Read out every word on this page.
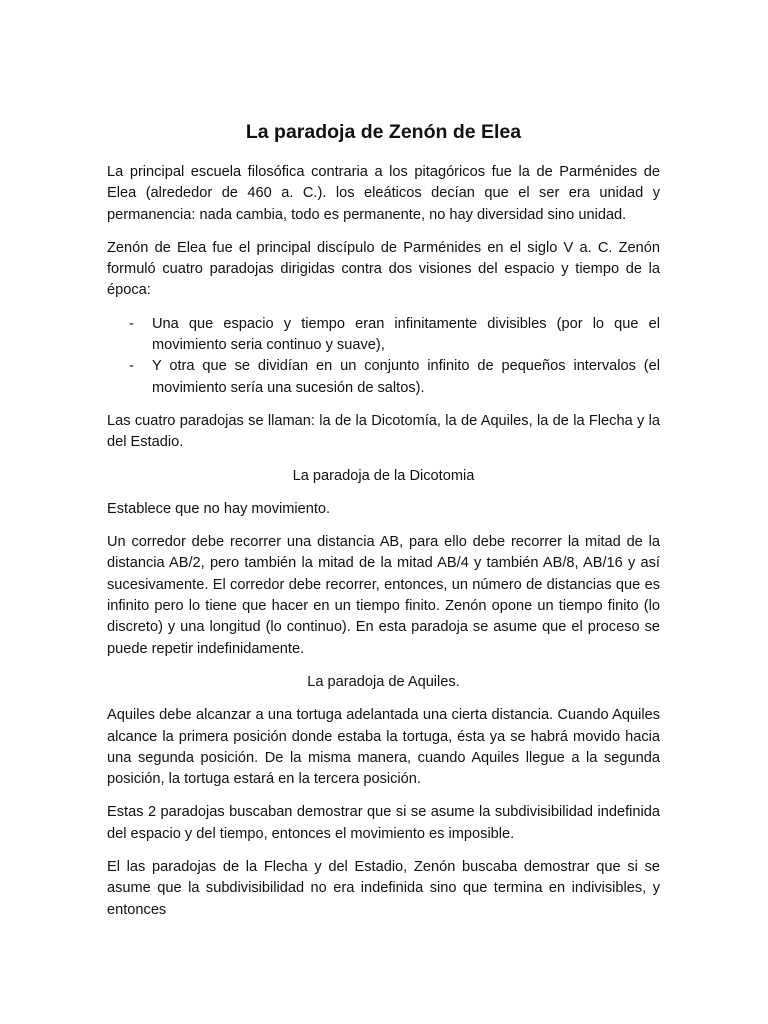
La paradoja de Zenón de Elea

La principal escuela filosófica contraria a los pitagóricos fue la de Parménides de Elea (alrededor de 460 a. C.). los eleáticos decían que el ser era unidad y permanencia: nada cambia, todo es permanente, no hay diversidad sino unidad.

Zenón de Elea fue el principal discípulo de Parménides en el siglo V a. C. Zenón formuló cuatro paradojas dirigidas contra dos visiones del espacio y tiempo de la época:

- Una que espacio y tiempo eran infinitamente divisibles (por lo que el movimiento seria continuo y suave),
- Y otra que se dividían en un conjunto infinito de pequeños intervalos (el movimiento sería una sucesión de saltos).

Las cuatro paradojas se llaman: la de la Dicotomía, la de Aquiles, la de la Flecha y la del Estadio.

La paradoja de la Dicotomia

Establece que no hay movimiento.

Un corredor debe recorrer una distancia AB, para ello debe recorrer la mitad de la distancia AB/2, pero también la mitad de la mitad AB/4 y también AB/8, AB/16 y así sucesivamente. El corredor debe recorrer, entonces, un número de distancias que es infinito pero lo tiene que hacer en un tiempo finito. Zenón opone un tiempo finito (lo discreto) y una longitud (lo continuo). En esta paradoja se asume que el proceso se puede repetir indefinidamente.

La paradoja de Aquiles.

Aquiles debe alcanzar a una tortuga adelantada una cierta distancia. Cuando Aquiles alcance la primera posición donde estaba la tortuga, ésta ya se habrá movido hacia una segunda posición. De la misma manera, cuando Aquiles llegue a la segunda posición, la tortuga estará en la tercera posición.

Estas 2 paradojas buscaban demostrar que si se asume la subdivisibilidad indefinida del espacio y del tiempo, entonces el movimiento es imposible.

El las paradojas de la Flecha y del Estadio, Zenón buscaba demostrar que si se asume que la subdivisibilidad no era indefinida sino que termina en indivisibles, y entonces
